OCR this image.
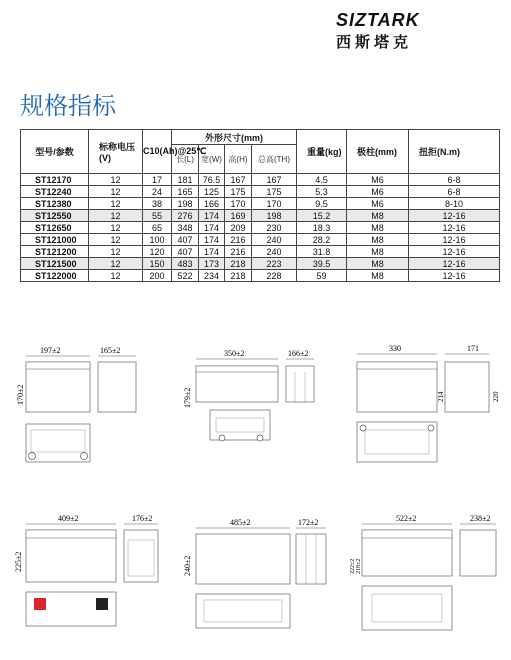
SIZTARK
西斯塔克
规格指标
型号/参数	标称电压(V)	C10(Ah)@25℃	外形尺寸(mm)				重量(kg)	极柱(mm)	扭拒(N.m)
			长(L)	宽(W)	高(H)	总高(TH)			
ST12170	12	17	181	76.5	167	167	4.5	M6	6-8
ST12240	12	24	165	125	175	175	5.3	M6	6-8
ST12380	12	38	198	166	170	170	9.5	M6	8-10
ST12550	12	55	276	174	169	198	15.2	M8	12-16
ST12650	12	65	348	174	209	230	18.3	M8	12-16
ST121000	12	100	407	174	216	240	28.2	M8	12-16
ST121200	12	120	407	174	216	240	31.8	M8	12-16
ST121500	12	150	483	173	218	223	39.5	M8	12-16
ST122000	12	200	522	234	218	228	59	M8	12-16
197±2
170±2
165±2	350±2
179±2
166±2
330	171
214	220
409±2
225±2
176±2	485±2
240±2
172±2	522±2
222±2 218±2
238±2
